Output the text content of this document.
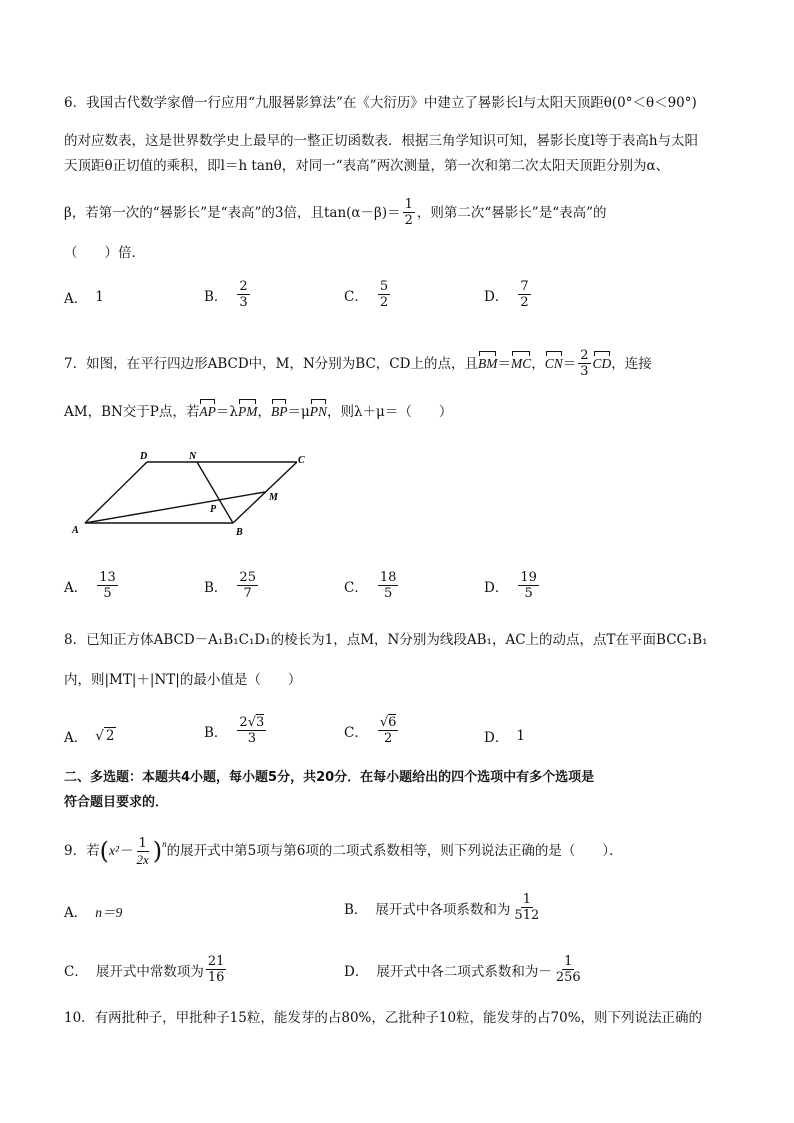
6．我国古代数学家僧一行应用“九服晷影算法”在《大衍历》中建立了晷影长l与太阳天顶距θ(0°＜θ＜90°)
的对应数表，这是世界数学史上最早的一整正切函数表．根据三角学知识可知，晷影长度l等于表高h与太阳
天顶距θ正切值的乘积，即l＝h tanθ，对同一“表高”两次测量，第一次和第二次太阳天顶距分别为α、
β，若第一次的“晷影长”是“表高”的3倍，且$\tan(\alpha-\beta)= \frac{1}{2}$ ，则第二次“晷影长”是“表高”的
（　　）倍．
A． 1	B． $\frac{2}{3}$	C． $\frac{5}{2}$	D． $\frac{7}{2}$
7．如图，在平行四边形ABCD中，M，N分别为BC，CD上的点，且 BM ＝ MC ， CN ＝ $\frac{2}{3}$ CD ，连接
AM，BN交于P点，若 AP ＝λ PM ， BP ＝μ PN ，则λ＋μ＝（　　）
A	B
C
D	N
M
P
A． $\frac{13}{5}$	B． $\frac{25}{7}$	C． $\frac{18}{5}$	D． $\frac{19}{5}$
8．已知正方体ABCD－A₁B₁C₁D₁的棱长为1，点M，N分别为线段AB₁，AC上的动点，点T在平面BCC₁B₁
内，则|MT|＋|NT|的最小值是（　　）
A． √ 2	B． $\frac{2√3}{3}$	C． $\frac{√6}{2}$	D． 1
二、多选题：本题共4小题，每小题5分，共20分．在每小题给出的四个选项中有多个选项是
符合题目要求的．
9．若 ( $x^2- \frac{1}{2x}$ ) n 的展开式中第5项与第6项的二项式系数相等，则下列说法正确的是（　　）．
A． n＝9	B． 展开式中各项系数和为 $\frac{1}{512}$
C． 展开式中常数项为 $\frac{21}{16}$	D． 展开式中各二项式系数和为－ $\frac{1}{256}$
10．有两批种子，甲批种子15粒，能发芽的占80%，乙批种子10粒，能发芽的占70%，则下列说法正确的
